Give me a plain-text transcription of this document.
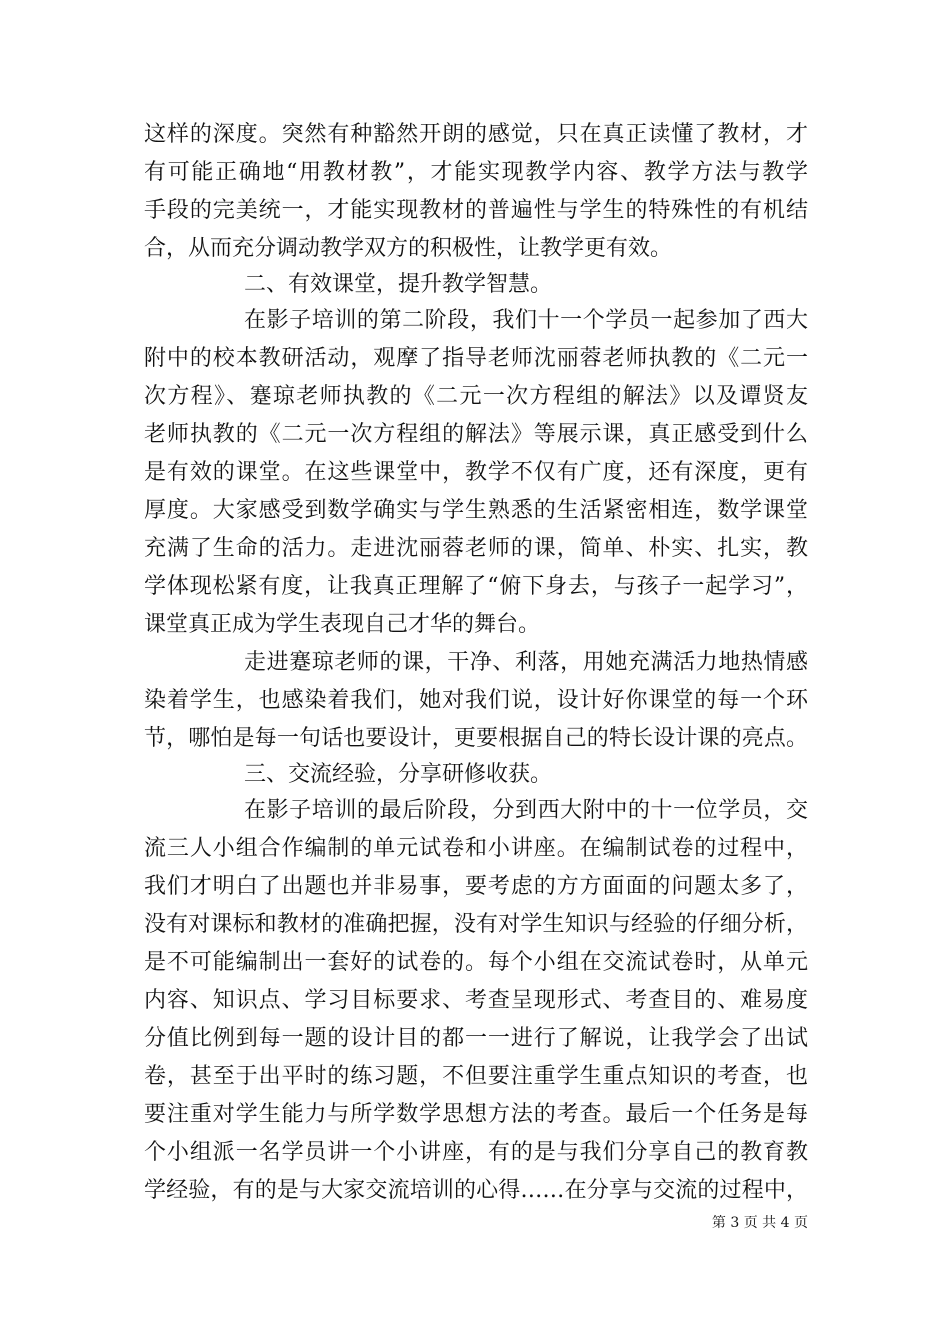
这样的深度。突然有种豁然开朗的感觉，只在真正读懂了教材，才
有可能正确地“用教材教”，才能实现教学内容、教学方法与教学
手段的完美统一，才能实现教材的普遍性与学生的特殊性的有机结
合，从而充分调动教学双方的积极性，让教学更有效。
二、有效课堂，提升教学智慧。
在影子培训的第二阶段，我们十一个学员一起参加了西大
附中的校本教研活动，观摩了指导老师沈丽蓉老师执教的《二元一
次方程》、蹇琼老师执教的《二元一次方程组的解法》以及谭贤友
老师执教的《二元一次方程组的解法》等展示课，真正感受到什么
是有效的课堂。在这些课堂中，教学不仅有广度，还有深度，更有
厚度。大家感受到数学确实与学生熟悉的生活紧密相连，数学课堂
充满了生命的活力。走进沈丽蓉老师的课，简单、朴实、扎实，教
学体现松紧有度，让我真正理解了“俯下身去，与孩子一起学习”，
课堂真正成为学生表现自己才华的舞台。
走进蹇琼老师的课，干净、利落，用她充满活力地热情感
染着学生，也感染着我们，她对我们说，设计好你课堂的每一个环
节，哪怕是每一句话也要设计，更要根据自己的特长设计课的亮点。
三、交流经验，分享研修收获。
在影子培训的最后阶段，分到西大附中的十一位学员，交
流三人小组合作编制的单元试卷和小讲座。在编制试卷的过程中，
我们才明白了出题也并非易事，要考虑的方方面面的问题太多了，
没有对课标和教材的准确把握，没有对学生知识与经验的仔细分析，
是不可能编制出一套好的试卷的。每个小组在交流试卷时，从单元
内容、知识点、学习目标要求、考查呈现形式、考查目的、难易度
分值比例到每一题的设计目的都一一进行了解说，让我学会了出试
卷，甚至于出平时的练习题，不但要注重学生重点知识的考查，也
要注重对学生能力与所学数学思想方法的考查。最后一个任务是每
个小组派一名学员讲一个小讲座，有的是与我们分享自己的教育教
学经验，有的是与大家交流培训的心得……在分享与交流的过程中，
第 3 页 共 4 页
